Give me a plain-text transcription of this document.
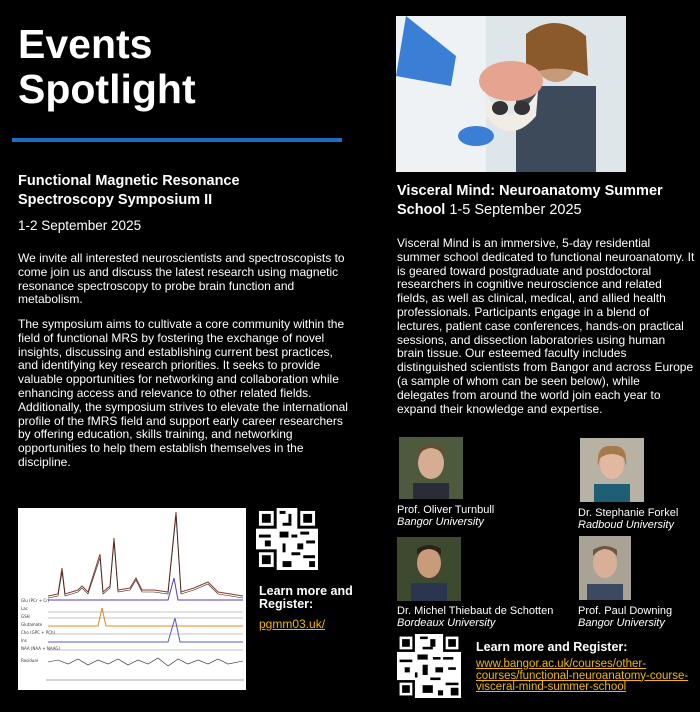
Events
Spotlight
Functional Magnetic Resonance Spectroscopy Symposium II
1-2 September 2025
We invite all interested neuroscientists and spectroscopists to come join us and discuss the latest research using magnetic resonance spectroscopy to probe brain function and metabolism.
The symposium aims to cultivate a core community within the field of functional MRS by fostering the exchange of novel insights, discussing and establishing current best practices, and identifying key research priorities. It seeks to provide valuable opportunities for networking and collaboration while enhancing access and relevance to other related fields. Additionally, the symposium strives to elevate the international profile of the fMRS field and support early career researchers by offering education, skills training, and networking opportunities to help them establish themselves in the discipline.
Glu (PCr + Cr)
Lac
GSH
Glutamate
Cho (GPC + PCh)
Ins
NAA (NAA + NAAG)
Residual
Learn more and Register:
pgmm03.uk/
Visceral Mind: Neuroanatomy Summer School 1-5 September 2025
Visceral Mind is an immersive, 5-day residential summer school dedicated to functional neuroanatomy. It is geared toward postgraduate and postdoctoral researchers in cognitive neuroscience and related fields, as well as clinical, medical, and allied health professionals. Participants engage in a blend of lectures, patient case conferences, hands-on practical sessions, and dissection laboratories using human brain tissue. Our esteemed faculty includes distinguished scientists from Bangor and across Europe (a sample of whom can be seen below), while delegates from around the world join each year to expand their knowledge and expertise.
Prof. Oliver Turnbull
Bangor University
Dr. Stephanie Forkel
Radboud University
Dr. Michel Thiebaut de Schotten
Bordeaux University
Prof. Paul Downing
Bangor University
Learn more and Register:
www.bangor.ac.uk/courses/other-courses/functional-neuroanatomy-course-visceral-mind-summer-school
